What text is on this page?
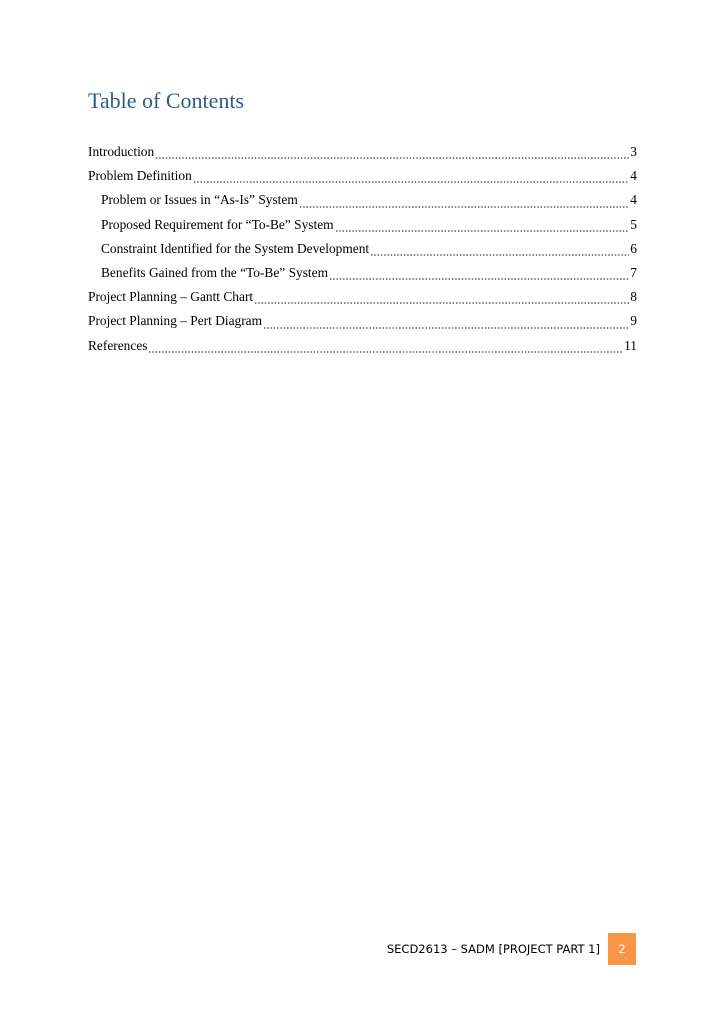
Table of Contents
Introduction	3
Problem Definition	4
Problem or Issues in “As-Is” System	4
Proposed Requirement for “To-Be” System	5
Constraint Identified for the System Development	6
Benefits Gained from the “To-Be” System	7
Project Planning – Gantt Chart	8
Project Planning – Pert Diagram	9
References	11
SECD2613 – SADM [PROJECT PART 1]	2
